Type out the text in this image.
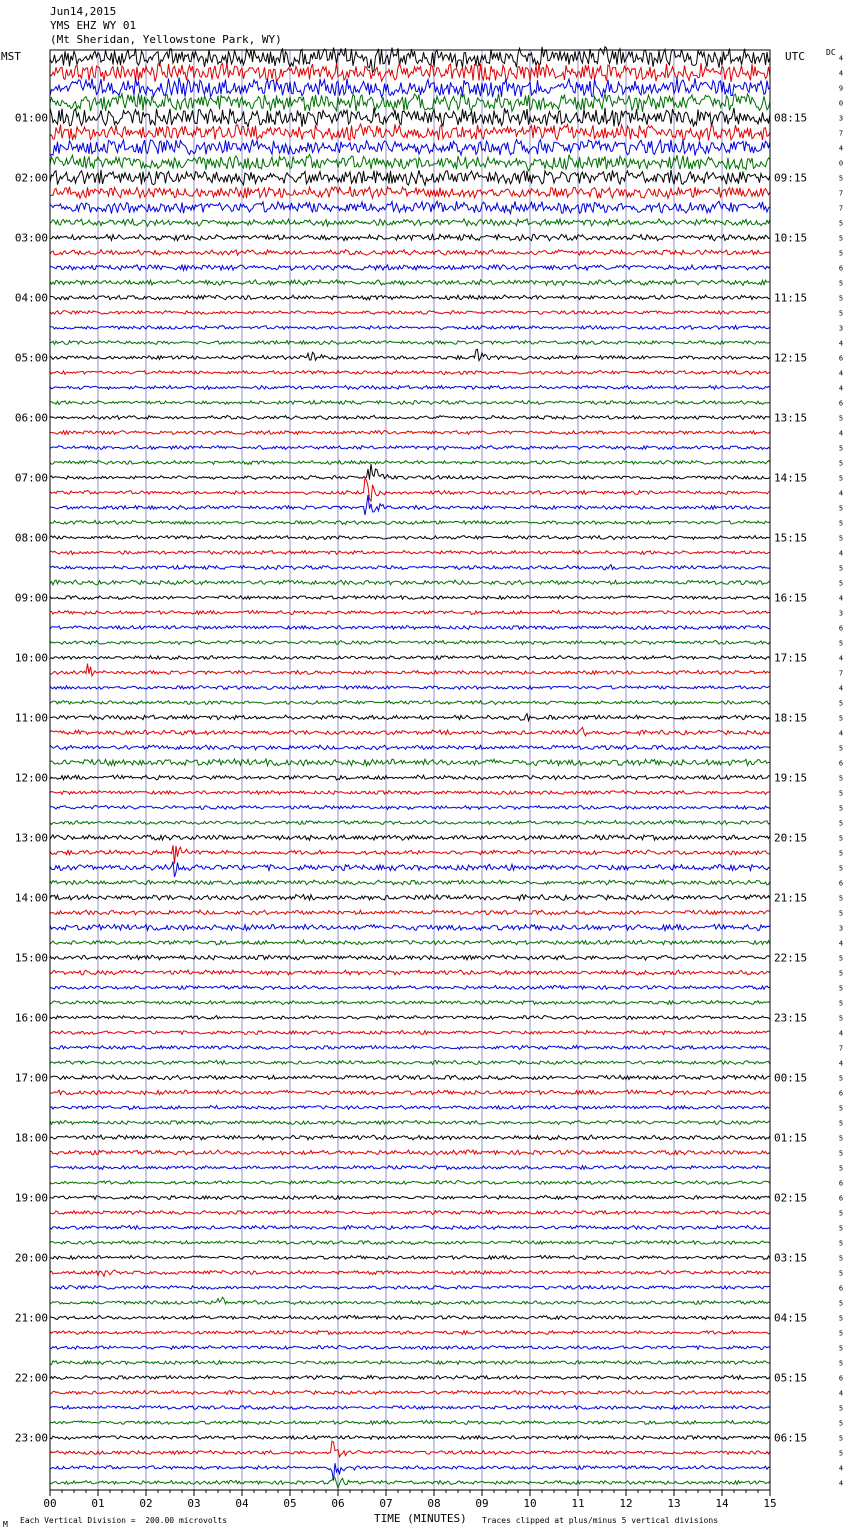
Jun14,2015
YMS EHZ WY 01
(Mt Sheridan, Yellowstone Park, WY)
MST	UTC	DC
00	01	02	03	04	05	06	07	08	09	10	11	12	13	14	15
4
4
9
0
3
7
4
0
5
7
7
5
5
5
6
5
5
5
3
4
6
4
4
6
5
4
5
5
5
4
5
5
5
4
5
5
4
3
6
5
4
7
4
5
5
4
5
6
5
5
5
5
5
5
5
6
5
5
3
4
5
5
5
5
5
4
7
4
5
6
5
5
5
5
5
6
6
5
5
5
5
5
6
5
5
5
5
5
6
4
5
5
5
5
4
4
01:00
02:00
03:00
04:00
05:00
06:00
07:00
08:00
09:00
10:00
11:00
12:00
13:00
14:00
15:00
16:00
17:00
18:00
19:00
20:00
21:00
22:00
23:00
08:15
09:15
10:15
11:15
12:15
13:15
14:15
15:15
16:15
17:15
18:15
19:15
20:15
21:15
22:15
23:15
00:15
01:15
02:15
03:15
04:15
05:15
06:15
TIME (MINUTES)
M Each Vertical Division =  200.00 microvolts	Traces clipped at plus/minus 5 vertical divisions
